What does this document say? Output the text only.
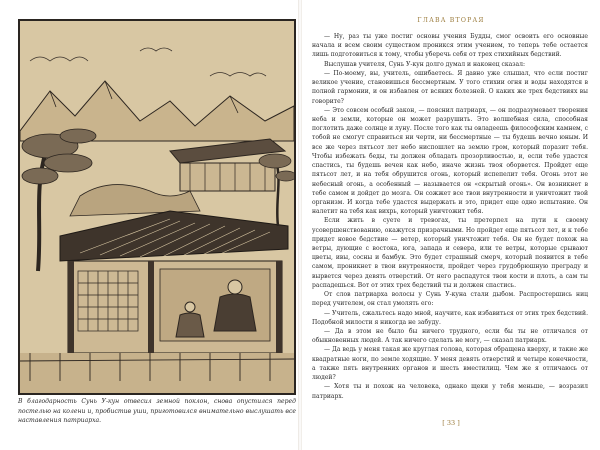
В благодарность Сунь У-кун отвесил земной поклон, снова опустился перед постелью на колени и, пробистив уши, приготовился внимательно выслушать все наставления патриарха.
ГЛАВА ВТОРАЯ

— Ну, раз ты уже постиг основы учения Будды, смог освоить его основные начала и всем своим существом проникся этим учением, то теперь тебе остается лишь подготовиться к тому, чтобы уберечь себя от трех стихийных бедствий.

Выслушав учителя, Сунь У-кун долго думал и наконец сказал:

— По-моему, вы, учитель, ошибаетесь. Я давно уже слышал, что если постиг великое учение, становишься бессмертным. У того стихии огня и воды находятся в полной гармонии, и он избавлен от всяких болезней. О каких же трех бедствиях вы говорите?

— Это совсем особый закон, — пояснил патриарх, — он подразумевает творения неба и земли, которые он может разрушить. Это волшебная сила, способная поглотить даже солнце и луну. После того как ты овладеешь философским камнем, с тобой не смогут справиться ни черти, ни бессмертные — ты будешь вечно юным. И все же через пятьсот лет небо ниспошлет на землю гром, который поразит тебя. Чтобы избежать беды, ты должен обладать прозорливостью, и, если тебе удастся спастись, ты будешь вечен как небо, иначе жизнь твоя оборвется. Пройдет еще пятьсот лет, и на тебя обрушится огонь, который испепелит тебя. Огонь этот не небесный огонь, а особенный — называется он «скрытый огонь». Он возникнет в тебе самом и дойдет до мозга. Он сожжет все твои внутренности и уничтожит твой организм. И когда тебе удастся выдержать и это, придет еще одно испытание. Он налетит на тебя как вихрь, который уничтожит тебя.

Если жить в суете и тревогах, ты претерпел на пути к своему усовершенствованию, окажутся призрачными. Но пройдет еще пятьсот лет, и к тебе придет новое бедствие — ветер, который уничтожит тебя. Он не будет похож на ветры, дующие с востока, юга, запада и севера, или те ветры, которые срывают цветы, ивы, сосны и бамбук. Это будет страшный смерч, который появится в тебе самом, проникнет в твои внутренности, пройдет через грудобрюшную преграду и вырвется через девять отверстий. От него распадутся твои кости и плоть, а сам ты распадешься. Вот от этих трех бедствий ты и должен спастись.

От слов патриарха волосы у Сунь У-куна стали дыбом. Распростершись ниц перед учителем, он стал умолять его:

— Учитель, сжальтесь надо мной, научите, как избавиться от этих трех бедствий. Подобной милости я никогда не забуду.

— Да в этом не было бы ничего трудного, если бы ты не отличался от обыкновенных людей. А так ничего сделать не могу, — сказал патриарх.

— Да ведь у меня такая же круглая голова, которая обращена кверху, и такие же квадратные ноги, по земле ходящие. У меня девять отверстий и четыре конечности, а также пять внутренних органов и шесть вместилищ. Чем же я отличаюсь от людей?

— Хотя ты и похож на человека, однако щеки у тебя меньше, — возразил патриарх.

[ 33 ]
